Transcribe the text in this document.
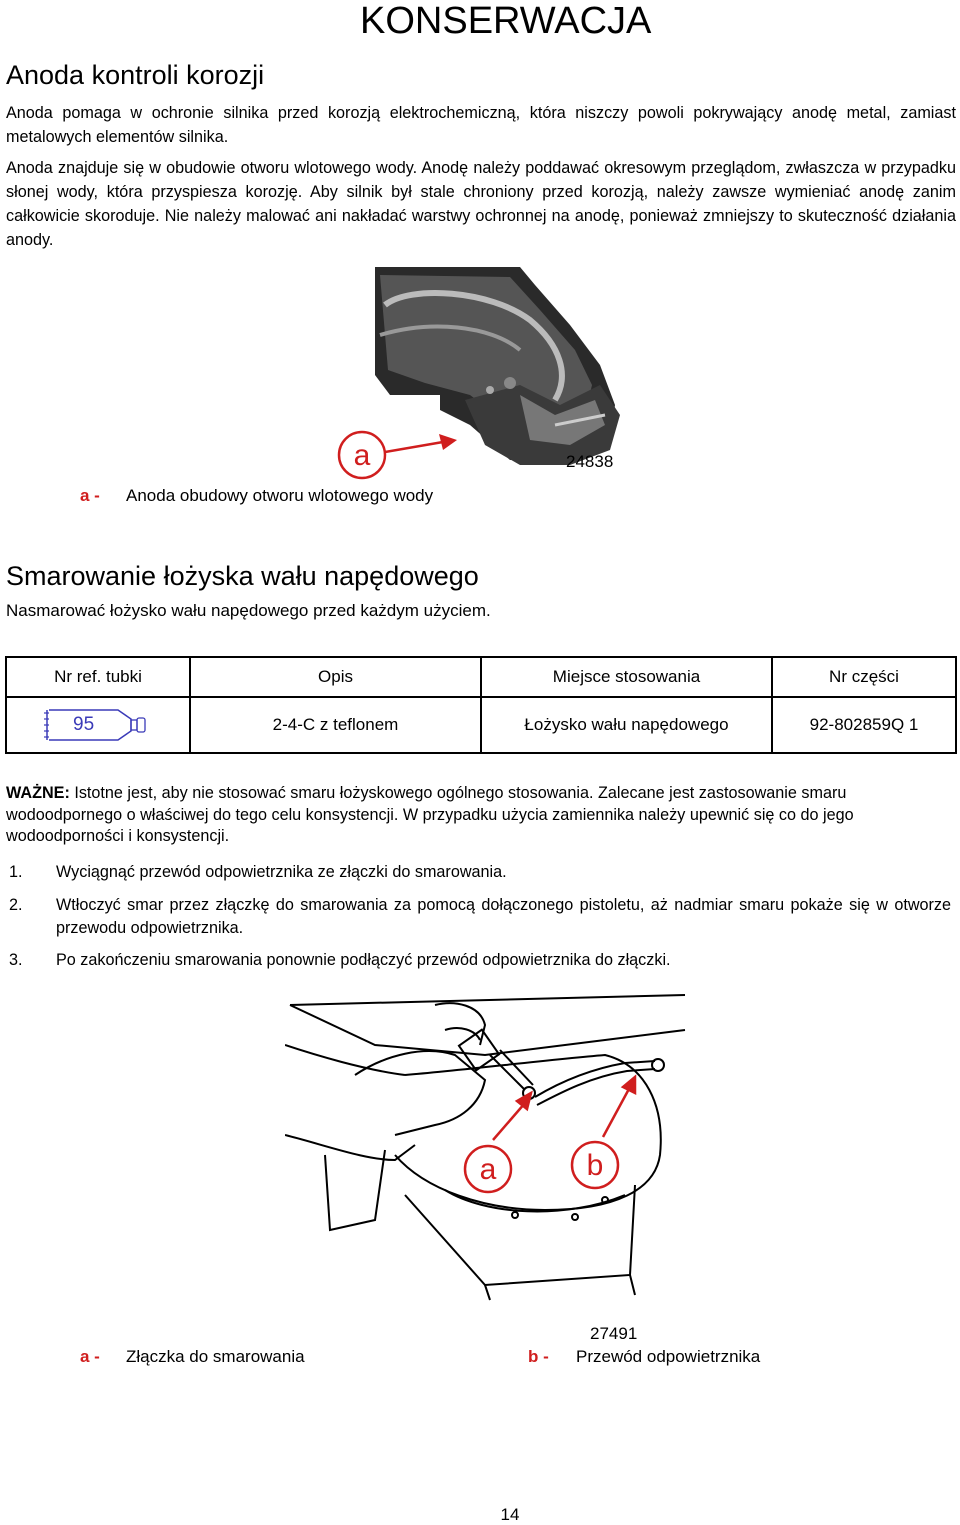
KONSERWACJA
Anoda kontroli korozji
Anoda pomaga w ochronie silnika przed korozją elektrochemiczną, która niszczy powoli pokrywający anodę metal, zamiast metalowych elementów silnika.
Anoda znajduje się w obudowie otworu wlotowego wody. Anodę należy poddawać okresowym przeglądom, zwłaszcza w przypadku słonej wody, która przyspiesza korozję. Aby silnik był stale chroniony przed korozją, należy zawsze wymieniać anodę zanim całkowicie skoroduje. Nie należy malować ani nakładać warstwy ochronnej na anodę, ponieważ zmniejszy to skuteczność działania anody.
a	24838
a - Anoda obudowy otworu wlotowego wody
Smarowanie łożyska wału napędowego
Nasmarować łożysko wału napędowego przed każdym użyciem.
Nr ref. tubki	Opis	Miejsce stosowania	Nr części

95	2-4-C z teflonem	Łożysko wału napędowego	92-802859Q 1
WAŻNE: Istotne jest, aby nie stosować smaru łożyskowego ogólnego stosowania. Zalecane jest zastosowanie smaru wodoodpornego o właściwej do tego celu konsystencji. W przypadku użycia zamiennika należy upewnić się co do jego wodoodporności i konsystencji.
1. Wyciągnąć przewód odpowietrznika ze złączki do smarowania.
2. Wtłoczyć smar przez złączkę do smarowania za pomocą dołączonego pistoletu, aż nadmiar smaru pokaże się w otworze przewodu odpowietrznika.
3. Po zakończeniu smarowania ponownie podłączyć przewód odpowietrznika do złączki.
a	b
27491
a - Złączka do smarowania	b - Przewód odpowietrznika
14
